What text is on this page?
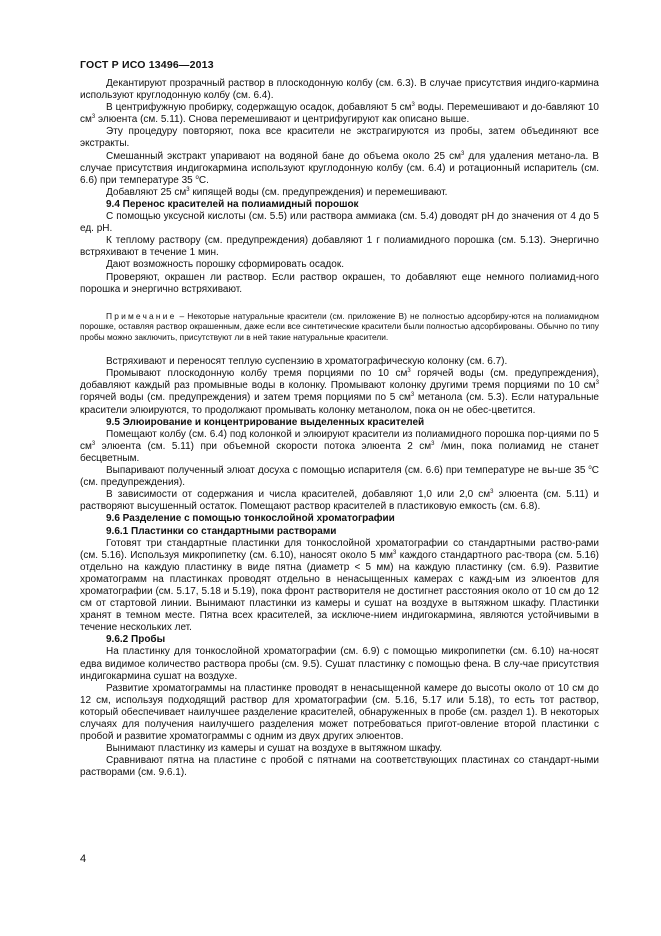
ГОСТ Р ИСО 13496—2013

Декантируют прозрачный раствор в плоскодонную колбу (см. 6.3). В случае присутствия индиго-кармина используют круглодонную колбу (см. 6.4).

В центрифужную пробирку, содержащую осадок, добавляют 5 $см^3$ воды. Перемешивают и до-бавляют 10 $см^3$ элюента (см. 5.11). Снова перемешивают и центрифугируют как описано выше.

Эту процедуру повторяют, пока все красители не экстрагируются из пробы, затем объединяют все экстракты.

Смешанный экстракт упаривают на водяной бане до объема около 25 $см^3$ для удаления метано-ла. В случае присутствия индигокармина используют круглодонную колбу (см. 6.4) и ротационный испаритель (см. 6.6) при температуре 35 $^o$С.

Добавляют 25 $см^3$ кипящей воды (см. предупреждения) и перемешивают.

9.4 Перенос красителей на полиамидный порошок

С помощью уксусной кислоты (см. 5.5) или раствора аммиака (см. 5.4) доводят рН до значения от 4 до 5 ед. рН.

К теплому раствору (см. предупреждения) добавляют 1 г полиамидного порошка (см. 5.13). Энергично встряхивают в течение 1 мин.

Дают возможность порошку сформировать осадок.

Проверяют, окрашен ли раствор. Если раствор окрашен, то добавляют еще немного полиамид-ного порошка и энергично встряхивают.

Примечание – Некоторые натуральные красители (см. приложение В) не полностью адсорбиру-ются на полиамидном порошке, оставляя раствор окрашенным, даже если все синтетические красители были полностью адсорбированы. Обычно по типу пробы можно заключить, присутствуют ли в ней такие натуральные красители.

Встряхивают и переносят теплую суспензию в хроматографическую колонку (см. 6.7).

Промывают плоскодонную колбу тремя порциями по 10 $см^3$ горячей воды (см. предупреждения), добавляют каждый раз промывные воды в колонку. Промывают колонку другими тремя порциями по 10 $см^3$ горячей воды (см. предупреждения) и затем тремя порциями по 5 $см^3$ метанола (см. 5.3). Если натуральные красители элюируются, то продолжают промывать колонку метанолом, пока он не обес-цветится.

9.5 Элюирование и концентрирование выделенных красителей

Помещают колбу (см. 6.4) под колонкой и элюируют красители из полиамидного порошка пор-циями по 5 $см^3$ элюента (см. 5.11) при объемной скорости потока элюента 2 $см^3$ /мин, пока полиамид не станет бесцветным.

Выпаривают полученный элюат досуха с помощью испарителя (см. 6.6) при температуре не вы-ше 35 $^o$С (см. предупреждения).

В зависимости от содержания и числа красителей, добавляют 1,0 или 2,0 $см^3$ элюента (см. 5.11) и растворяют высушенный остаток. Помещают раствор красителей в пластиковую емкость (см. 6.8).

9.6 Разделение с помощью тонкослойной хроматографии

9.6.1 Пластинки со стандартными растворами

Готовят три стандартные пластинки для тонкослойной хроматографии со стандартными раство-рами (см. 5.16). Используя микропипетку (см. 6.10), наносят около 5 $мм^3$ каждого стандартного рас-твора (см. 5.16) отдельно на каждую пластинку в виде пятна (диаметр < 5 мм) на каждую пластинку (см. 6.9). Развитие хроматограмм на пластинках проводят отдельно в ненасыщенных камерах с кажд-ым из элюентов для хроматографии (см. 5.17, 5.18 и 5.19), пока фронт растворителя не достигнет расстояния около от 10 см до 12 см от стартовой линии. Вынимают пластинки из камеры и сушат на воздухе в вытяжном шкафу. Пластинки хранят в темном месте. Пятна всех красителей, за исключе-нием индигокармина, являются устойчивыми в течение нескольких лет.

9.6.2 Пробы

На пластинку для тонкослойной хроматографии (см. 6.9) с помощью микропипетки (см. 6.10) на-носят едва видимое количество раствора пробы (см. 9.5). Сушат пластинку с помощью фена. В слу-чае присутствия индигокармина сушат на воздухе.

Развитие хроматограммы на пластинке проводят в ненасыщенной камере до высоты около от 10 см до 12 см, используя подходящий раствор для хроматографии (см. 5.16, 5.17 или 5.18), то есть тот раствор, который обеспечивает наилучшее разделение красителей, обнаруженных в пробе (см. раздел 1). В некоторых случаях для получения наилучшего разделения может потребоваться пригот-овление второй пластинки с пробой и развитие хроматограммы с одним из двух других элюентов.

Вынимают пластинку из камеры и сушат на воздухе в вытяжном шкафу.

Сравнивают пятна на пластине с пробой с пятнами на соответствующих пластинах со стандарт-ными растворами (см. 9.6.1).

4
